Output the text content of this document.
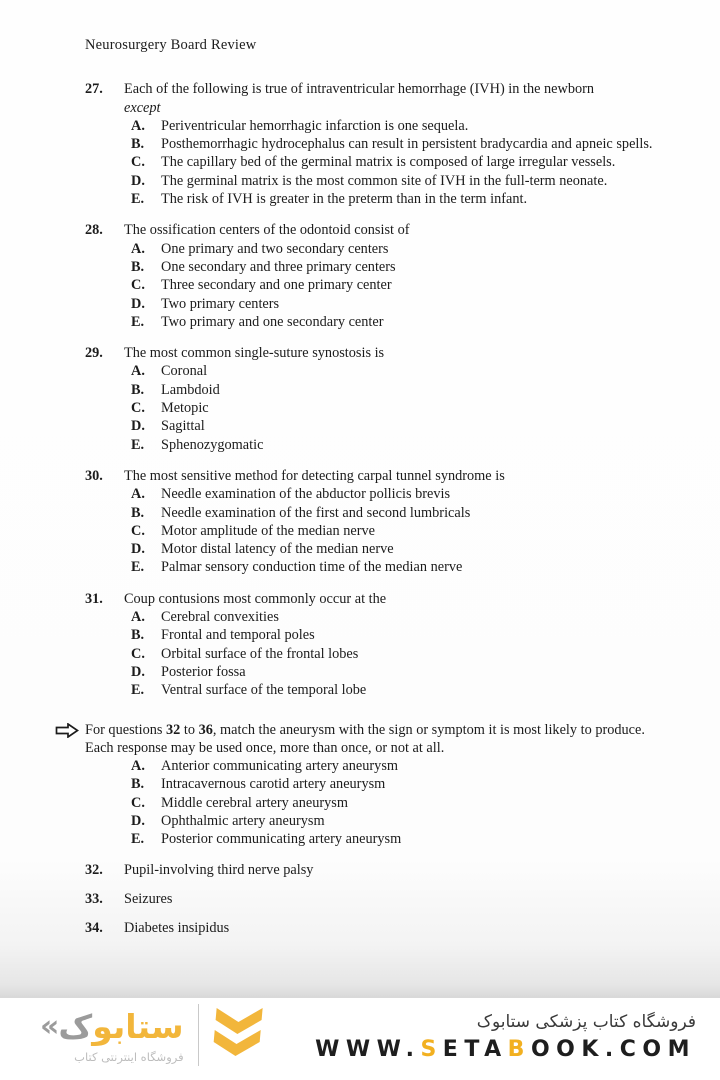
Neurosurgery Board Review
27.	Each of the following is true of intraventricular hemorrhage (IVH) in the newborn
except
A.	Periventricular hemorrhagic infarction is one sequela.
B.	Posthemorrhagic hydrocephalus can result in persistent bradycardia and apneic spells.
C.	The capillary bed of the germinal matrix is composed of large irregular vessels.
D.	The germinal matrix is the most common site of IVH in the full-term neonate.
E.	The risk of IVH is greater in the preterm than in the term infant.
28.	The ossification centers of the odontoid consist of
A.	One primary and two secondary centers
B.	One secondary and three primary centers
C.	Three secondary and one primary center
D.	Two primary centers
E.	Two primary and one secondary center
29.	The most common single-suture synostosis is
A.	Coronal
B.	Lambdoid
C.	Metopic
D.	Sagittal
E.	Sphenozygomatic
30.	The most sensitive method for detecting carpal tunnel syndrome is
A.	Needle examination of the abductor pollicis brevis
B.	Needle examination of the first and second lumbricals
C.	Motor amplitude of the median nerve
D.	Motor distal latency of the median nerve
E.	Palmar sensory conduction time of the median nerve
31.	Coup contusions most commonly occur at the
A.	Cerebral convexities
B.	Frontal and temporal poles
C.	Orbital surface of the frontal lobes
D.	Posterior fossa
E.	Ventral surface of the temporal lobe

For questions 32 to 36, match the aneurysm with the sign or symptom it is most likely to produce. Each response may be used once, more than once, or not at all.

A.	Anterior communicating artery aneurysm
B.	Intracavernous carotid artery aneurysm
C.	Middle cerebral artery aneurysm
D.	Ophthalmic artery aneurysm
E.	Posterior communicating artery aneurysm
32.	Pupil-involving third nerve palsy
33.	Seizures
34.	Diabetes insipidus
« ک ستابو
فروشگاه اینترنتی کتاب
فروشگاه کتاب پزشکی ستابوک
WWW.SETABOOK.COM
